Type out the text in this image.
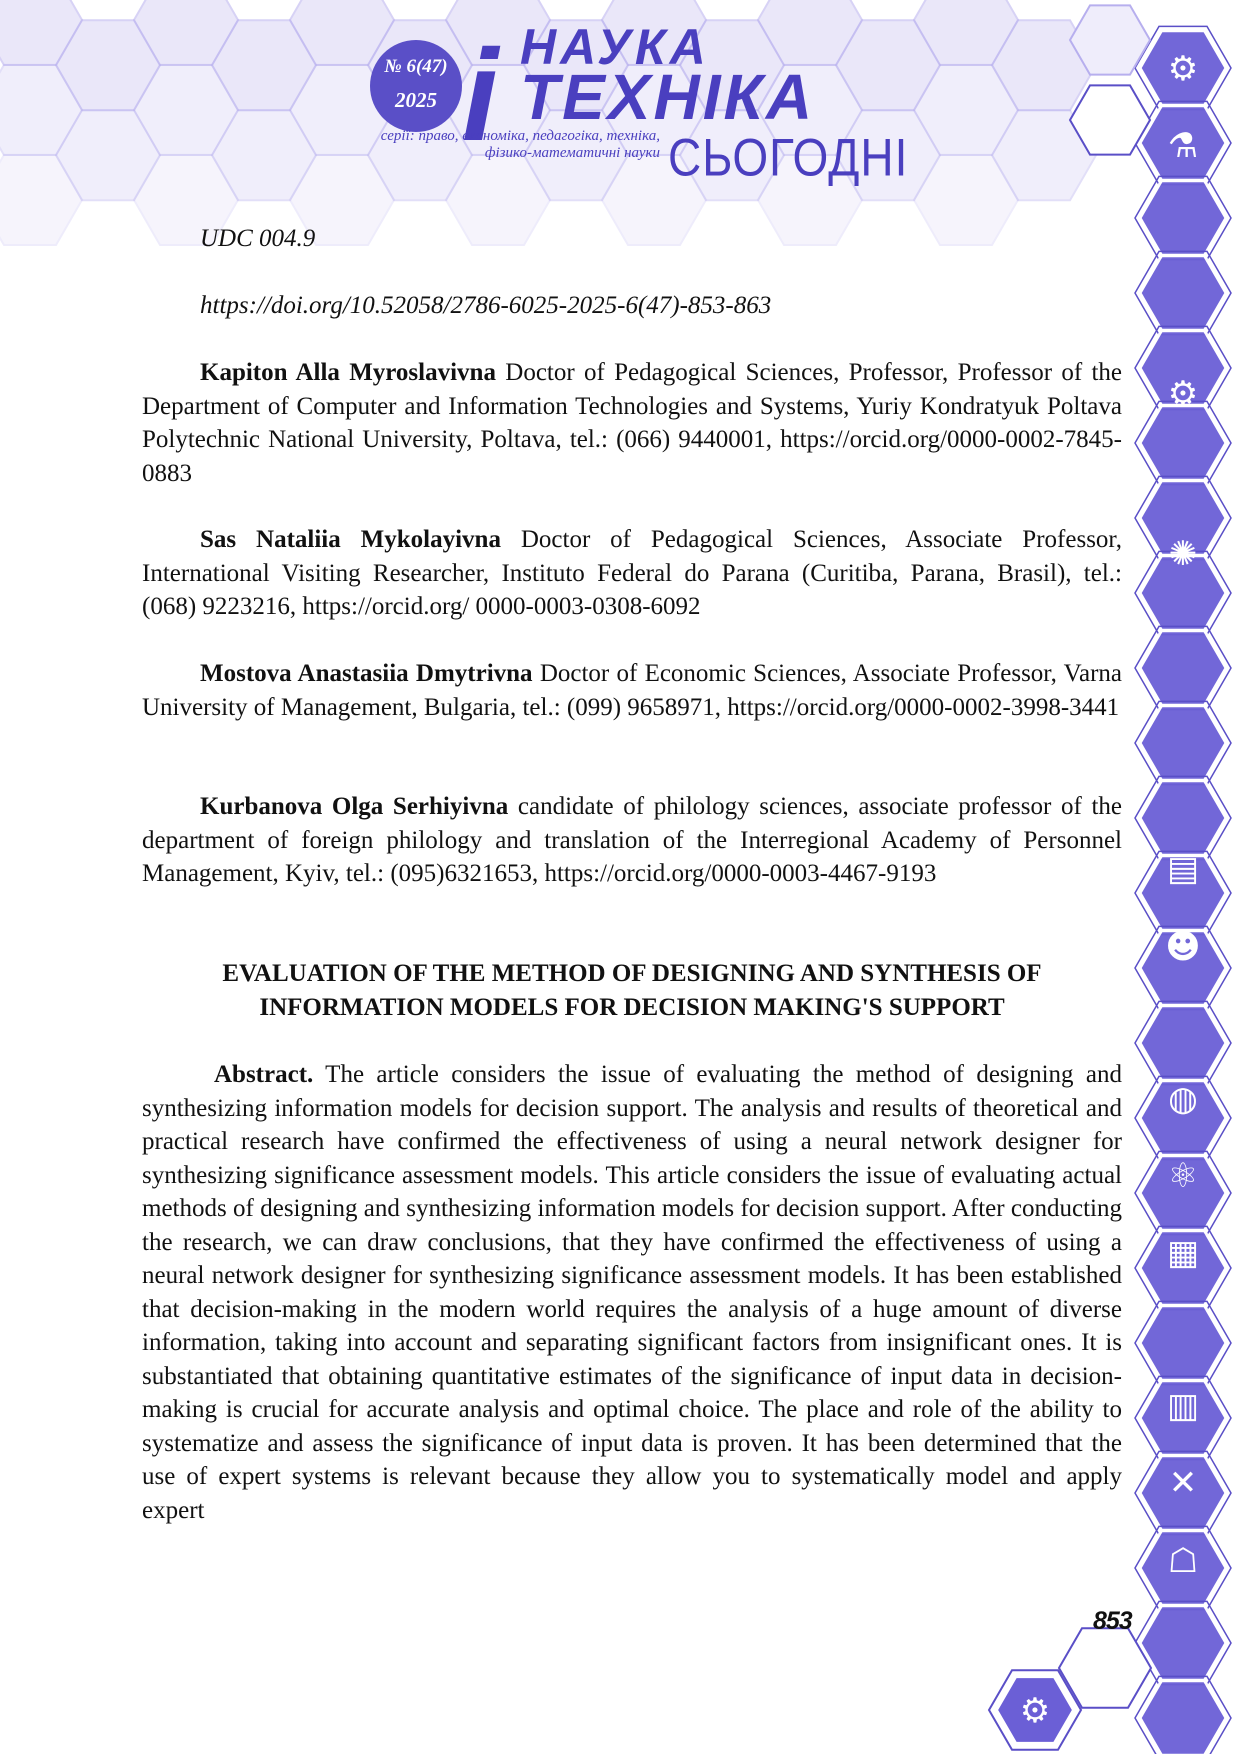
⚙
⚗
⚙
✺
▤
☻
◍
⚛
▦
▥
✕
☖
⚙
⚙
№ 6(47)
2025 і НАУКА
ТЕХНІКА
серії: право, економіка, педагогіка, техніка, фізико-математичні науки СЬОГОДНІ
UDC 004.9
https://doi.org/10.52058/2786-6025-2025-6(47)-853-863
Kapiton Alla Myroslavivna Doctor of Pedagogical Sciences, Professor, Professor of the Department of Computer and Information Technologies and Systems, Yuriy Kondratyuk Poltava Polytechnic National University, Poltava, tel.: (066) 9440001, https://orcid.org/0000-0002-7845-0883
Sas Nataliia Mykolayivna Doctor of Pedagogical Sciences, Associate Professor, International Visiting Researcher, Instituto Federal do Parana (Curitiba, Parana, Brasil), tel.: (068) 9223216, https://orcid.org/ 0000-0003-0308-6092
Mostova Anastasiia Dmytrivna Doctor of Economic Sciences, Associate Professor, Varna University of Management, Bulgaria, tel.: (099) 9658971, https://orcid.org/0000-0002-3998-3441
Kurbanova Olga Serhiyivna candidate of philology sciences, associate professor of the department of foreign philology and translation of the Interregional Academy of Personnel Management, Kyiv, tel.: (095)6321653, https://orcid.org/0000-0003-4467-9193
EVALUATION OF THE METHOD OF DESIGNING AND SYNTHESIS OF
INFORMATION MODELS FOR DECISION MAKING'S SUPPORT
Abstract. The article considers the issue of evaluating the method of designing and synthesizing information models for decision support. The analysis and results of theoretical and practical research have confirmed the effectiveness of using a neural network designer for synthesizing significance assessment models. This article considers the issue of evaluating actual methods of designing and synthesizing information models for decision support. After conducting the research, we can draw conclusions, that they have confirmed the effectiveness of using a neural network designer for synthesizing significance assessment models. It has been established that decision-making in the modern world requires the analysis of a huge amount of diverse information, taking into account and separating significant factors from insignificant ones. It is substantiated that obtaining quantitative estimates of the significance of input data in decision-making is crucial for accurate analysis and optimal choice. The place and role of the ability to systematize and assess the significance of input data is proven. It has been determined that the use of expert systems is relevant because they allow you to systematically model and apply expert
853
